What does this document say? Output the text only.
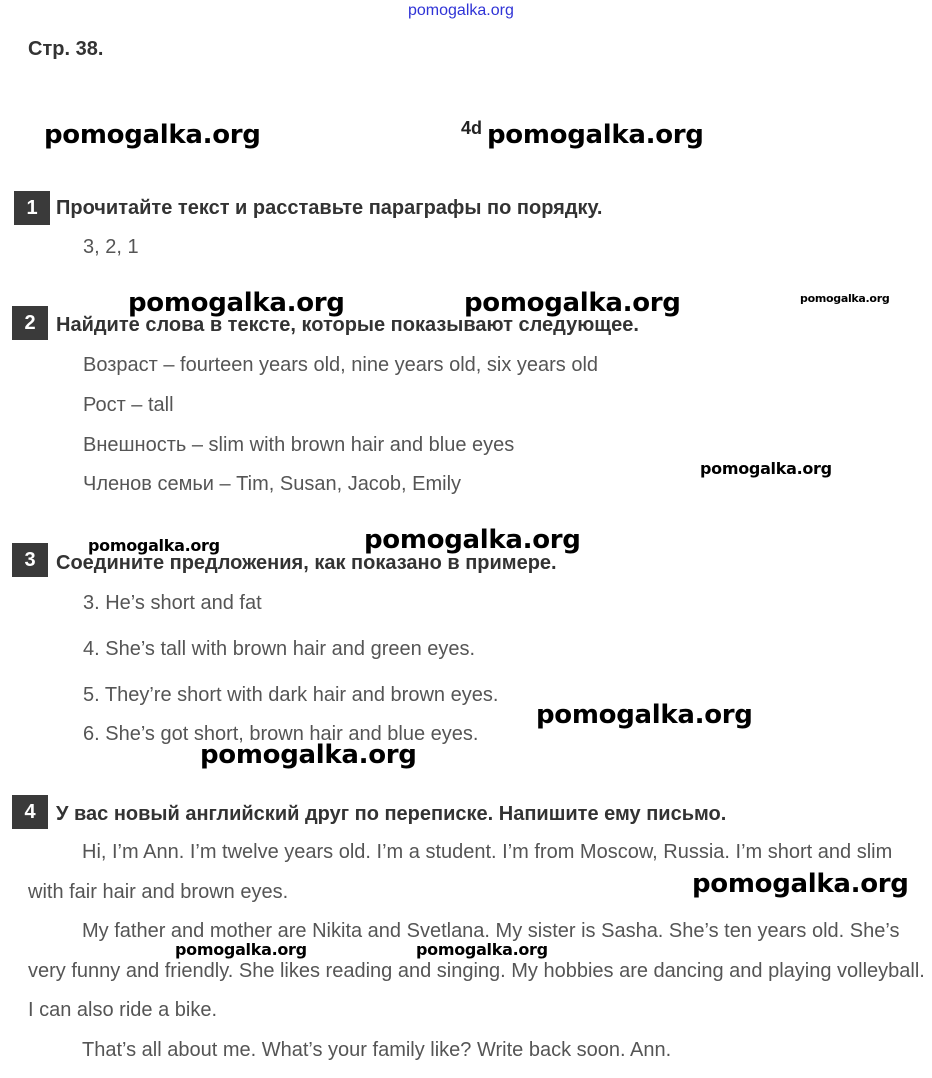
pomogalka.org
Стр. 38.
4d
1 Прочитайте текст и расставьте параграфы по порядку.
3, 2, 1
2	Найдите слова в тексте, которые показывают следующее.
Возраст – fourteen years old, nine years old, six years old
Рост – tall
Внешность – slim with brown hair and blue eyes
Членов семьи – Tim, Susan, Jacob, Emily
3	Соедините предложения, как показано в примере.
3. He’s short and fat
4. She’s tall with brown hair and green eyes.
5. They’re short with dark hair and brown eyes.
6. She’s got short, brown hair and blue eyes.
4	У вас новый английский друг по переписке. Напишите ему письмо.

Hi, I’m Ann. I’m twelve years old. I’m a student. I’m from Moscow, Russia. I’m short and slim with fair hair and brown eyes.

My father and mother are Nikita and Svetlana. My sister is Sasha. She’s ten years old. She’s very funny and friendly. She likes reading and singing. My hobbies are dancing and playing volleyball. I can also ride a bike.

That’s all about me. What’s your family like? Write back soon. Ann.

pomogalka.org	pomogalka.org
pomogalka.org	pomogalka.org	pomogalka.org
pomogalka.org
pomogalka.org	pomogalka.org
pomogalka.org
pomogalka.org
pomogalka.org
pomogalka.org	pomogalka.org
